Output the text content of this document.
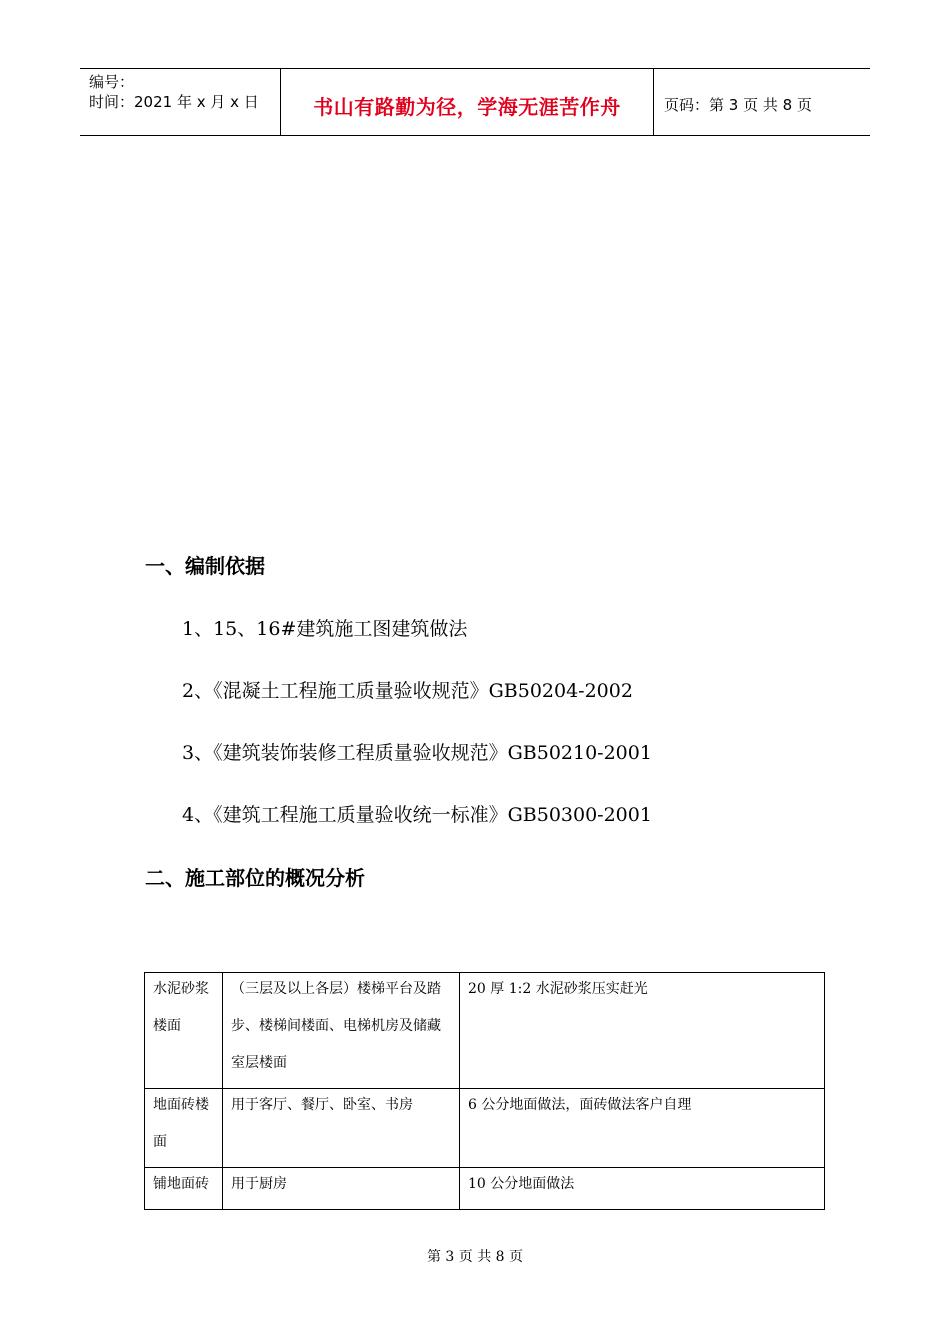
编号：
时间：2021 年 x 月 x 日	书山有路勤为径，学海无涯苦作舟	页码：第 3 页 共 8 页
一、编制依据
1、15、16#建筑施工图建筑做法
2、《混凝土工程施工质量验收规范》GB50204-2002
3、《建筑装饰装修工程质量验收规范》GB50210-2001
4、《建筑工程施工质量验收统一标准》GB50300-2001
二、施工部位的概况分析
水泥砂浆楼面	（三层及以上各层）楼梯平台及踏步、楼梯间楼面、电梯机房及储藏室层楼面	20 厚 1:2 水泥砂浆压实赶光

地面砖楼面	用于客厅、餐厅、卧室、书房	6 公分地面做法，面砖做法客户自理

铺地面砖	用于厨房	10 公分地面做法
第 3 页 共 8 页
